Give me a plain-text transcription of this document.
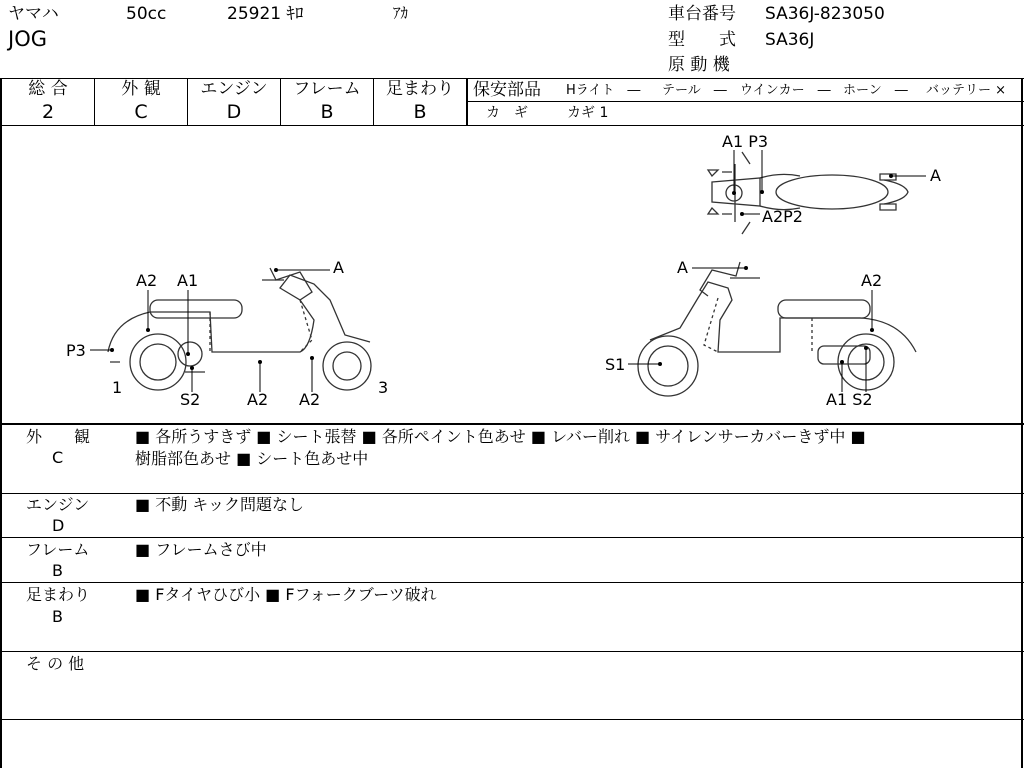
ヤマハ	50cc	25921 ｷﾛ	ｱｶ
JOG
車台番号 SA36J-823050
型　　式 SA36J
原 動 機
総 合
2
外 観
C
エンジン
D
フレーム
B
足まわり
B
保安部品 Hライト　― テール　― ウインカー　― ホーン　― バッテリー ×
カ　ギ	カギ 1
A1 P3
A
A2P2
A2 A1
A
P3
1
S2	A2 A2
3
A
A2
S1
A1 S2
外　　観
C
■ 各所うすきず ■ シート張替 ■ 各所ペイント色あせ ■ レバー削れ ■ サイレンサーカバーきず中 ■
樹脂部色あせ ■ シート色あせ中
エンジン
D
■ 不動 キック問題なし
フレーム
B
■ フレームさび中
足まわり
B
■ Fタイヤひび小 ■ Fフォークブーツ破れ
そ の 他
